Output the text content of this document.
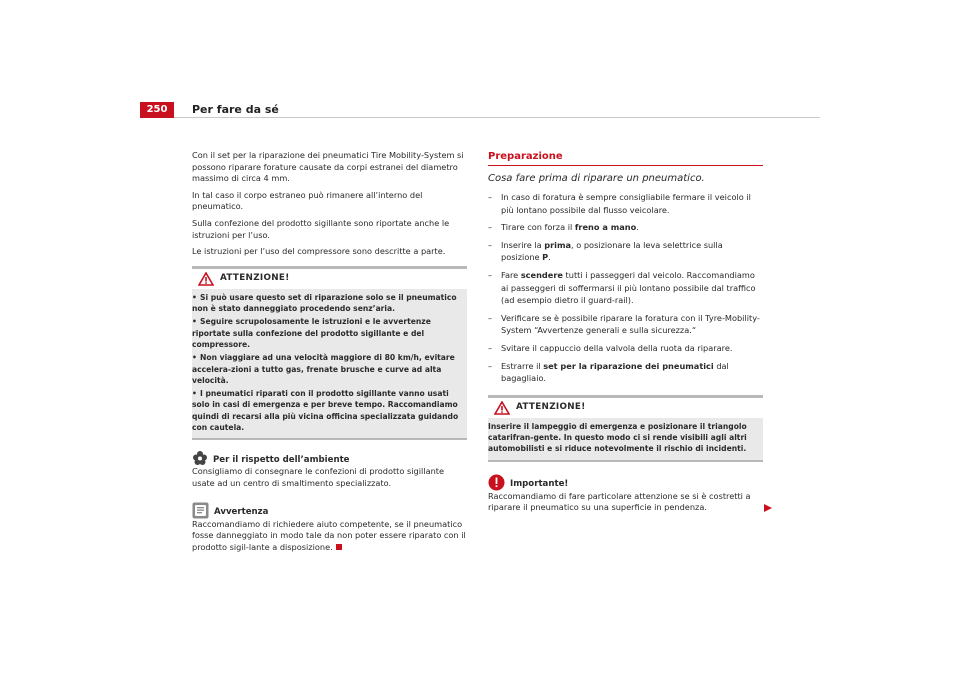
250	Per fare da sé

Con il set per la riparazione dei pneumatici Tire Mobility-System si possono riparare forature causate da corpi estranei del diametro massimo di circa 4 mm.

In tal caso il corpo estraneo può rimanere all’interno del pneumatico.

Sulla confezione del prodotto sigillante sono riportate anche le istruzioni per l’uso.

Le istruzioni per l’uso del compressore sono descritte a parte.

ATTENZIONE!
• Si può usare questo set di riparazione solo se il pneumatico non è stato danneggiato procedendo senz’aria.
• Seguire scrupolosamente le istruzioni e le avvertenze riportate sulla confezione del prodotto sigillante e del compressore.
• Non viaggiare ad una velocità maggiore di 80 km/h, evitare accelera-zioni a tutto gas, frenate brusche e curve ad alta velocità.
• I pneumatici riparati con il prodotto sigillante vanno usati solo in casi di emergenza e per breve tempo. Raccomandiamo quindi di recarsi alla più vicina officina specializzata guidando con cautela.
Per il rispetto dell’ambiente

Consigliamo di consegnare le confezioni di prodotto sigillante usate ad un centro di smaltimento specializzato.

Avvertenza

Raccomandiamo di richiedere aiuto competente, se il pneumatico fosse danneggiato in modo tale da non poter essere riparato con il prodotto sigil-lante a disposizione.

Preparazione
Cosa fare prima di riparare un pneumatico.
–	In caso di foratura è sempre consigliabile fermare il veicolo il più lontano possibile dal flusso veicolare.
–	Tirare con forza il freno a mano.
–	Inserire la prima, o posizionare la leva selettrice sulla posizione P.
–	Fare scendere tutti i passeggeri dal veicolo. Raccomandiamo ai passeggeri di soffermarsi il più lontano possibile dal traffico (ad esempio dietro il guard-rail).
–	Verificare se è possibile riparare la foratura con il Tyre-Mobility-System “Avvertenze generali e sulla sicurezza.“
–	Svitare il cappuccio della valvola della ruota da riparare.
–	Estrarre il set per la riparazione dei pneumatici dal bagagliaio.
ATTENZIONE!
Inserire il lampeggio di emergenza e posizionare il triangolo catarifran-gente. In questo modo ci si rende visibili agli altri automobilisti e si riduce notevolmente il rischio di incidenti.
Importante!

Raccomandiamo di fare particolare attenzione se si è costretti a riparare il pneumatico su una superficie in pendenza.
